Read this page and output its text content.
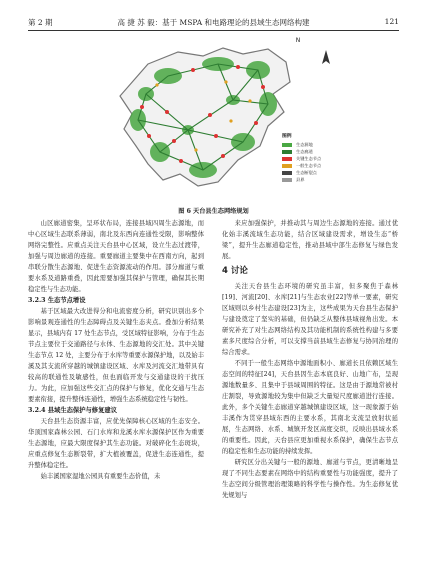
第 2 期	高 捷 苏 毅：基于 MSPA 和电路理论的县域生态网络构建	121
N
图例
生态源地
生态廊道
关键生态节点
一般生态节点
生态断裂点
县界
图 6 天台县生态网络规划

山区廊道密集，呈环状布局，连接县域四周生态源地，而中心区域生态联系薄弱，南北及东西向连通性受限，影响整体网络完整性。应重点关注天台县中心区域，设立生态过渡带，加强与周边廊道的连接。重要廊道主要集中在西南方向，起到串联分散生态源地、促进生态资源流动的作用。部分廊道与重要水系及道路重叠，因此需要加强其保护与管理，确保其长期稳定性与生态功能。

3.2.3 生态节点增设

基于区域最大改进得分和电流密度分析，研究识别出多个影响景观连通性的生态障碍点及关键生态夹点。叠加分析结果显示，县域内有 17 处生态节点，受区域特征影响，分布于生态节点主要位于交通路径与水体、生态源地的交汇处。其中关键生态节点 12 处，主要分布于水库等重要水源保护地，以及始丰溪及其支流所穿越的城镇建设区域、水库及河流交汇地带具有较高的联通性及敏感性，但也面临开发与交通建设的干扰压力。为此，应加强这些交汇点的保护与修复，优化交通与生态要素衔接，提升整体连通性，增强生态系统稳定性与韧性。

3.2.4 县域生态保护与修复建议

天台县生态资源丰富，应优先保障核心区域的生态安全。华顶国家森林公园、石门水库和龙溪水库水源保护区作为重要生态源地，应最大限度保护其生态功能。对破碎化生态斑块，应重点修复生态断裂带，扩大植被覆盖，促进生态连通性，提升整体稳定性。

始丰溪国家湿地公园具有重要生态价值，未

来应加强保护，并推动其与周边生态源地的连接。通过优化始丰溪流域生态功能，结合区域建设需求，增设生态“桥梁”，提升生态廊道稳定性，推动县域中部生态修复与绿色发展。

4 讨论

关注天台县生态环境的研究虽丰富，但多聚焦于森林[19]、河流[20]、水库[21]与生态农业[22]等单一要素，研究区域则以乡村生态建设[23]为主，这些成果为天台县生态保护与建设奠定了坚实的基础，但仍缺乏从整体县域视角出发。本研究补充了对生态网络结构及其功能机制的系统性构建与多要素多尺度综合分析，可以支撑当前县域生态修复与协同治理的综合需求。

不同于一般生态网络中源地面积小、廊道长且依赖区域生态空间的特征[24]，天台县因生态本底良好、山地广布，呈现源地数量多、且集中于县域周围的特征。这是由于源地常被村庄割裂，导致源地较为集中但缺乏大量短尺度廊道进行连接。此外，多个关键生态廊道穿越城镇建设区域，这一现象源于始丰溪作为贯穿县域东西的主要水系，其南北支流呈放射状延展，生态网络、水系、城镇开发区高度交织，反映出县域水系的重要性。因此，天台县应更加重视水系保护，确保生态节点的稳定性和生态功能的持续发挥。

研究区分出关键与一般的源地、廊道与节点，更清晰地呈现了不同生态要素在网络中的结构重要性与功能强度，提升了生态空间分级管理治理策略的科学性与操作性。为生态修复优先规划与
